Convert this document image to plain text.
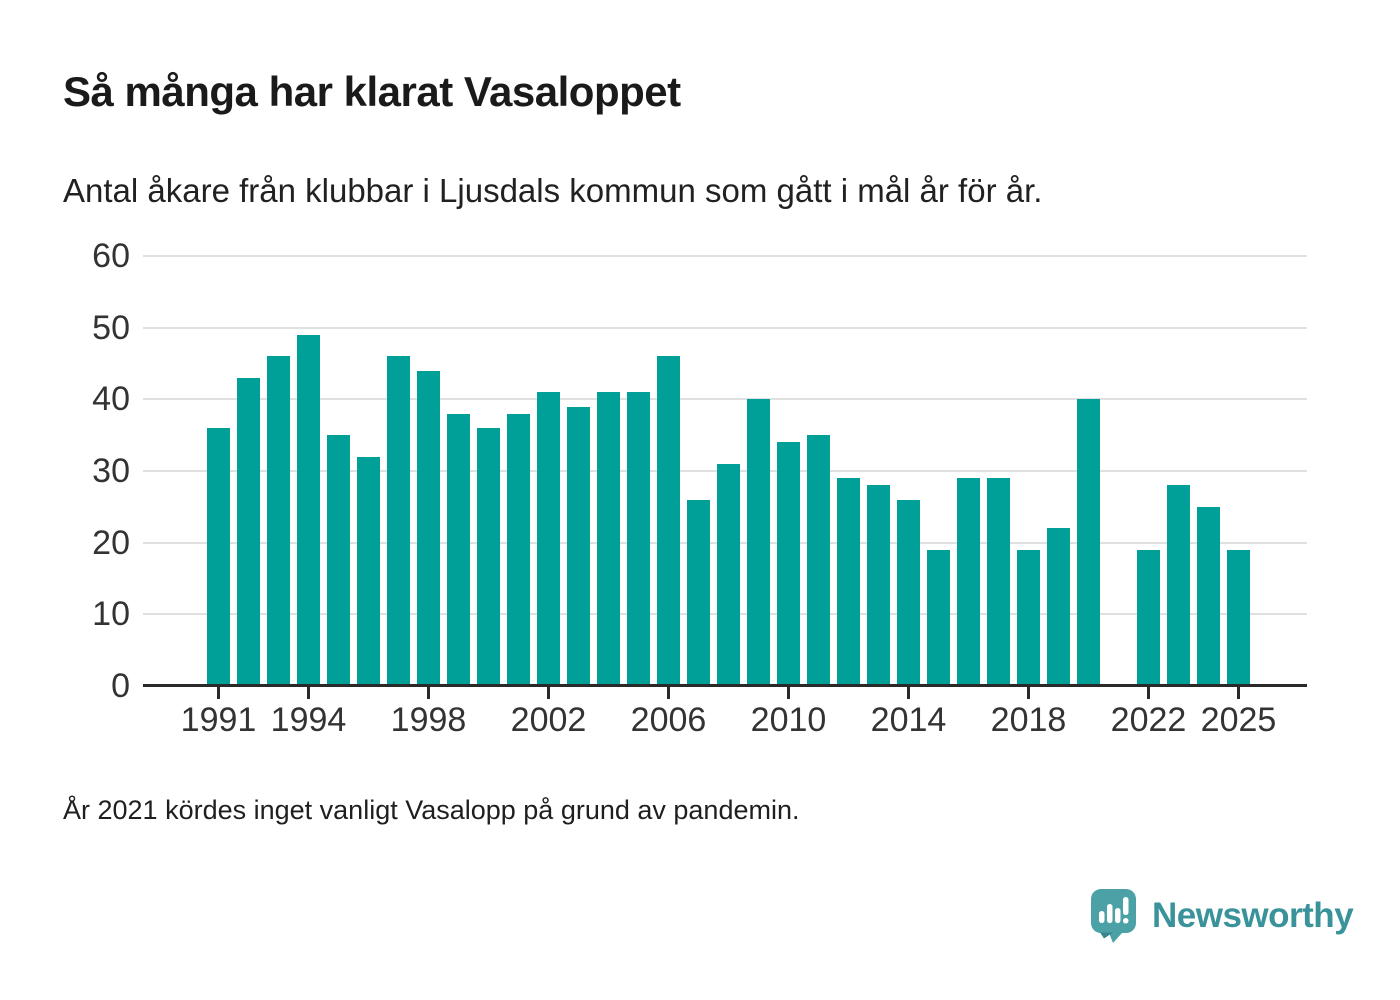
Så många har klarat Vasaloppet
Antal åkare från klubbar i Ljusdals kommun som gått i mål år för år.
0
10
20
30
40
50
60
1991 1994	1998	2002	2006	2010	2014	2018	2022 2025
År 2021 kördes inget vanligt Vasalopp på grund av pandemin.
Newsworthy
